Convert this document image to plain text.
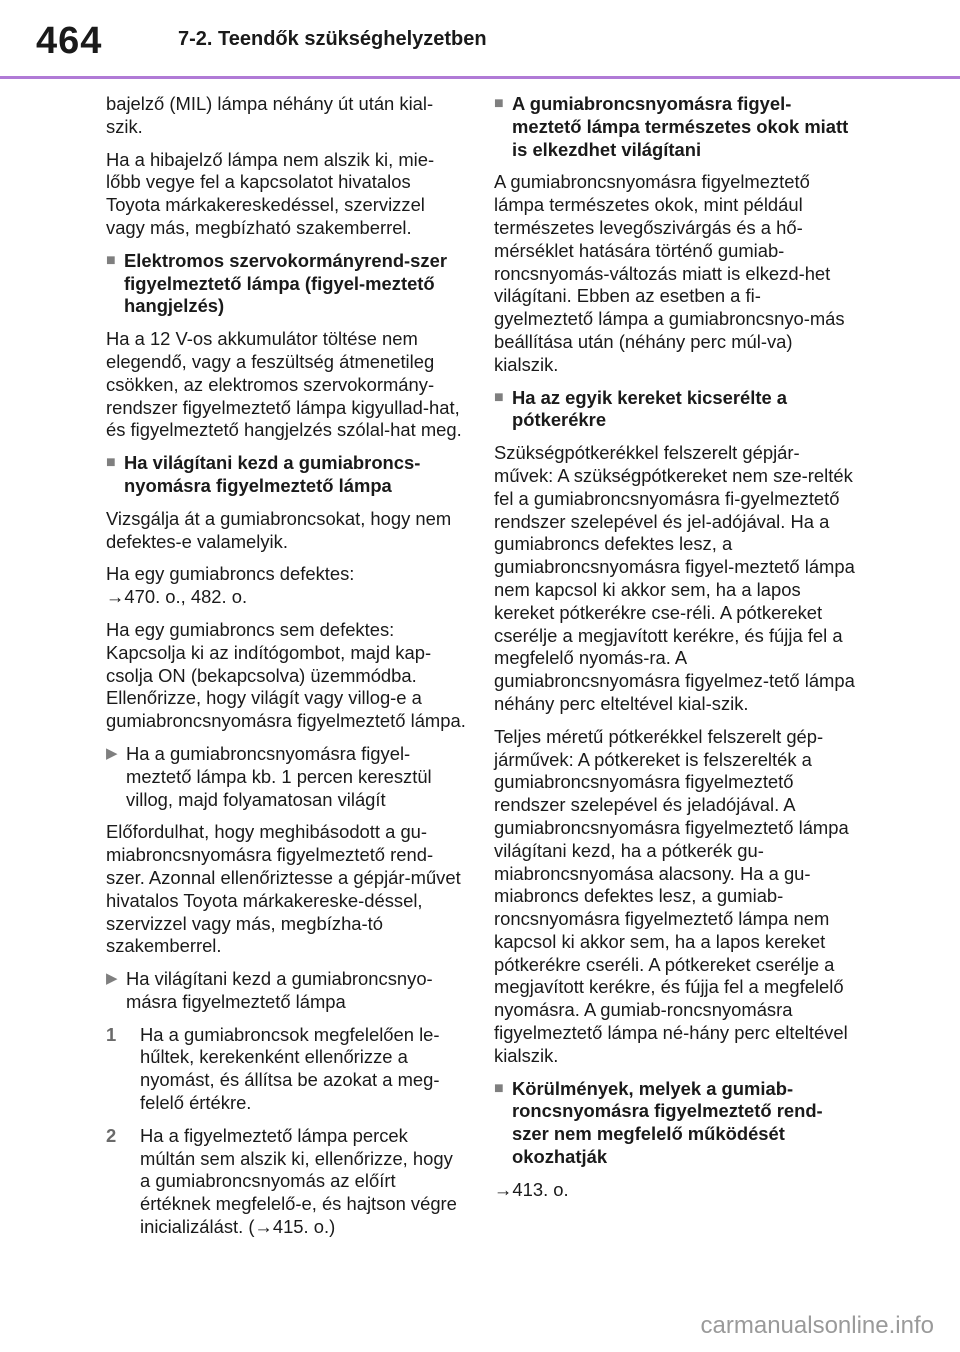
464	7-2. Teendők szükséghelyzetben

bajelző (MIL) lámpa néhány út után kial-szik.

Ha a hibajelző lámpa nem alszik ki, mie-lőbb vegye fel a kapcsolatot hivatalos Toyota márkakereskedéssel, szervizzel vagy más, megbízható szakemberrel.

■ Elektromos szervokormányrend-szer figyelmeztető lámpa (figyel-meztető hangjelzés)

Ha a 12 V-os akkumulátor töltése nem elegendő, vagy a feszültség átmenetileg csökken, az elektromos szervokormány-rendszer figyelmeztető lámpa kigyullad-hat, és figyelmeztető hangjelzés szólal-hat meg.

■ Ha világítani kezd a gumiabroncs-nyomásra figyelmeztető lámpa

Vizsgálja át a gumiabroncsokat, hogy nem defektes-e valamelyik.

Ha egy gumiabroncs defektes:
→470. o., 482. o.

Ha egy gumiabroncs sem defektes: Kapcsolja ki az indítógombot, majd kap-csolja ON (bekapcsolva) üzemmódba. Ellenőrizze, hogy világít vagy villog-e a gumiabroncsnyomásra figyelmeztető lámpa.

▶ Ha a gumiabroncsnyomásra figyel-meztető lámpa kb. 1 percen keresztül villog, majd folyamatosan világít

Előfordulhat, hogy meghibásodott a gu-miabroncsnyomásra figyelmeztető rend-szer. Azonnal ellenőriztesse a gépjár-művet hivatalos Toyota márkakereske-déssel, szervizzel vagy más, megbízha-tó szakemberrel.

▶ Ha világítani kezd a gumiabroncsnyo-másra figyelmeztető lámpa
1	Ha a gumiabroncsok megfelelően le-hűltek, kerekenként ellenőrizze a nyomást, és állítsa be azokat a meg-felelő értékre.
2	Ha a figyelmeztető lámpa percek múltán sem alszik ki, ellenőrizze, hogy a gumiabroncsnyomás az előírt értéknek megfelelő-e, és hajtson végre inicializálást. (→415. o.)
■ A gumiabroncsnyomásra figyel-meztető lámpa természetes okok miatt is elkezdhet világítani

A gumiabroncsnyomásra figyelmeztető lámpa természetes okok, mint például természetes levegőszivárgás és a hő-mérséklet hatására történő gumiab-roncsnyomás-változás miatt is elkezd-het világítani. Ebben az esetben a fi-gyelmeztető lámpa a gumiabroncsnyo-más beállítása után (néhány perc múl-va) kialszik.

■ Ha az egyik kereket kicserélte a pótkerékre

Szükségpótkerékkel felszerelt gépjár-művek: A szükségpótkereket nem sze-relték fel a gumiabroncsnyomásra fi-gyelmeztető rendszer szelepével és jel-adójával. Ha a gumiabroncs defektes lesz, a gumiabroncsnyomásra figyel-meztető lámpa nem kapcsol ki akkor sem, ha a lapos kereket pótkerékre cse-réli. A pótkereket cserélje a megjavított kerékre, és fújja fel a megfelelő nyomás-ra. A gumiabroncsnyomásra figyelmez-tető lámpa néhány perc elteltével kial-szik.

Teljes méretű pótkerékkel felszerelt gép-járművek: A pótkereket is felszerelték a gumiabroncsnyomásra figyelmeztető rendszer szelepével és jeladójával. A gumiabroncsnyomásra figyelmeztető lámpa világítani kezd, ha a pótkerék gu-miabroncsnyomása alacsony. Ha a gu-miabroncs defektes lesz, a gumiab-roncsnyomásra figyelmeztető lámpa nem kapcsol ki akkor sem, ha a lapos kereket pótkerékre cseréli. A pótkereket cserélje a megjavított kerékre, és fújja fel a megfelelő nyomásra. A gumiab-roncsnyomásra figyelmeztető lámpa né-hány perc elteltével kialszik.

■ Körülmények, melyek a gumiab-roncsnyomásra figyelmeztető rend-szer nem megfelelő működését okozhatják

→413. o.

carmanualsonline.info
